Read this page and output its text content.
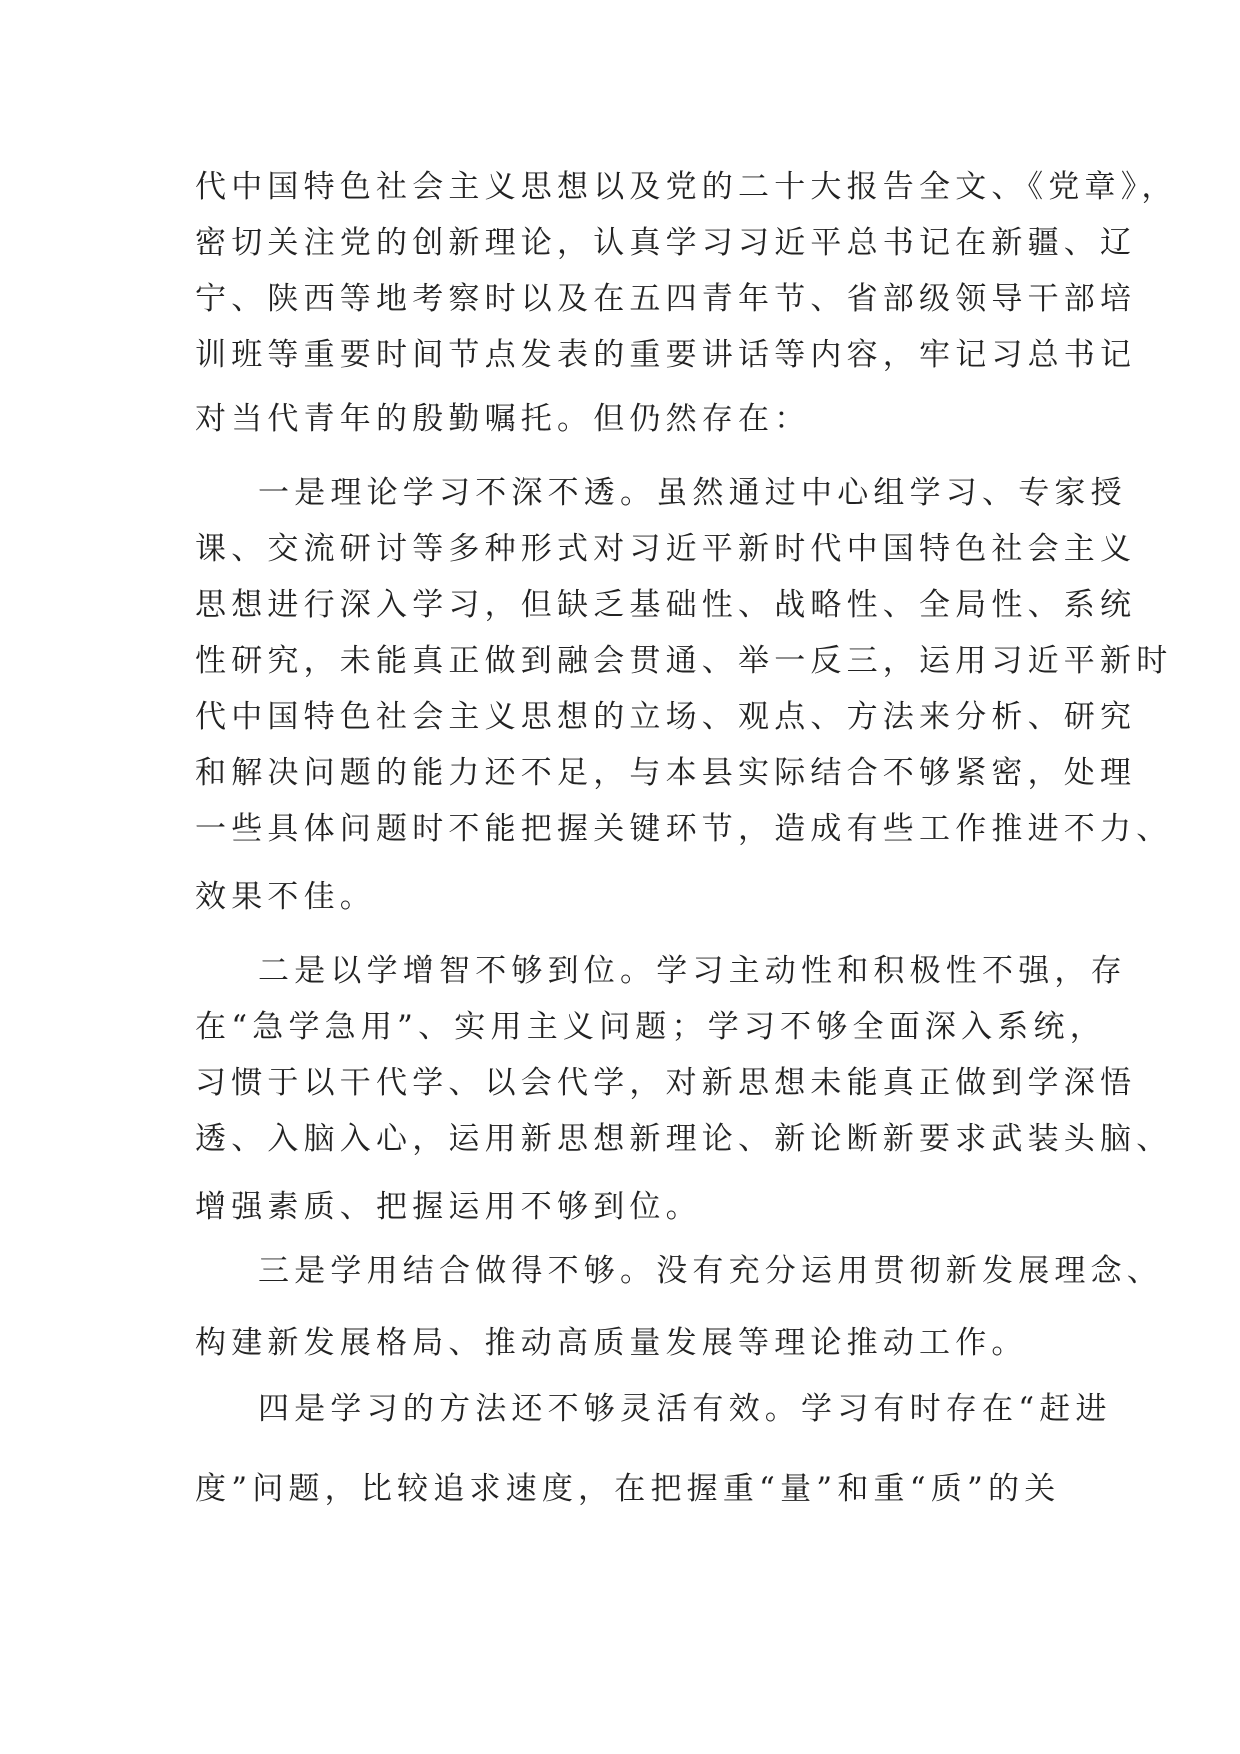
代中国特色社会主义思想以及党的二十大报告全文、《党章》，
密切关注党的创新理论，认真学习习近平总书记在新疆、辽
宁、陕西等地考察时以及在五四青年节、省部级领导干部培
训班等重要时间节点发表的重要讲话等内容，牢记习总书记
对当代青年的殷勤嘱托。但仍然存在：
一是理论学习不深不透。虽然通过中心组学习、专家授
课、交流研讨等多种形式对习近平新时代中国特色社会主义
思想进行深入学习，但缺乏基础性、战略性、全局性、系统
性研究，未能真正做到融会贯通、举一反三，运用习近平新时
代中国特色社会主义思想的立场、观点、方法来分析、研究
和解决问题的能力还不足，与本县实际结合不够紧密，处理
一些具体问题时不能把握关键环节，造成有些工作推进不力、
效果不佳。
二是以学增智不够到位。学习主动性和积极性不强，存
在“急学急用”、实用主义问题；学习不够全面深入系统，
习惯于以干代学、以会代学，对新思想未能真正做到学深悟
透、入脑入心，运用新思想新理论、新论断新要求武装头脑、
增强素质、把握运用不够到位。
三是学用结合做得不够。没有充分运用贯彻新发展理念、
构建新发展格局、推动高质量发展等理论推动工作。
四是学习的方法还不够灵活有效。学习有时存在“赶进
度”问题，比较追求速度，在把握重“量”和重“质”的关
